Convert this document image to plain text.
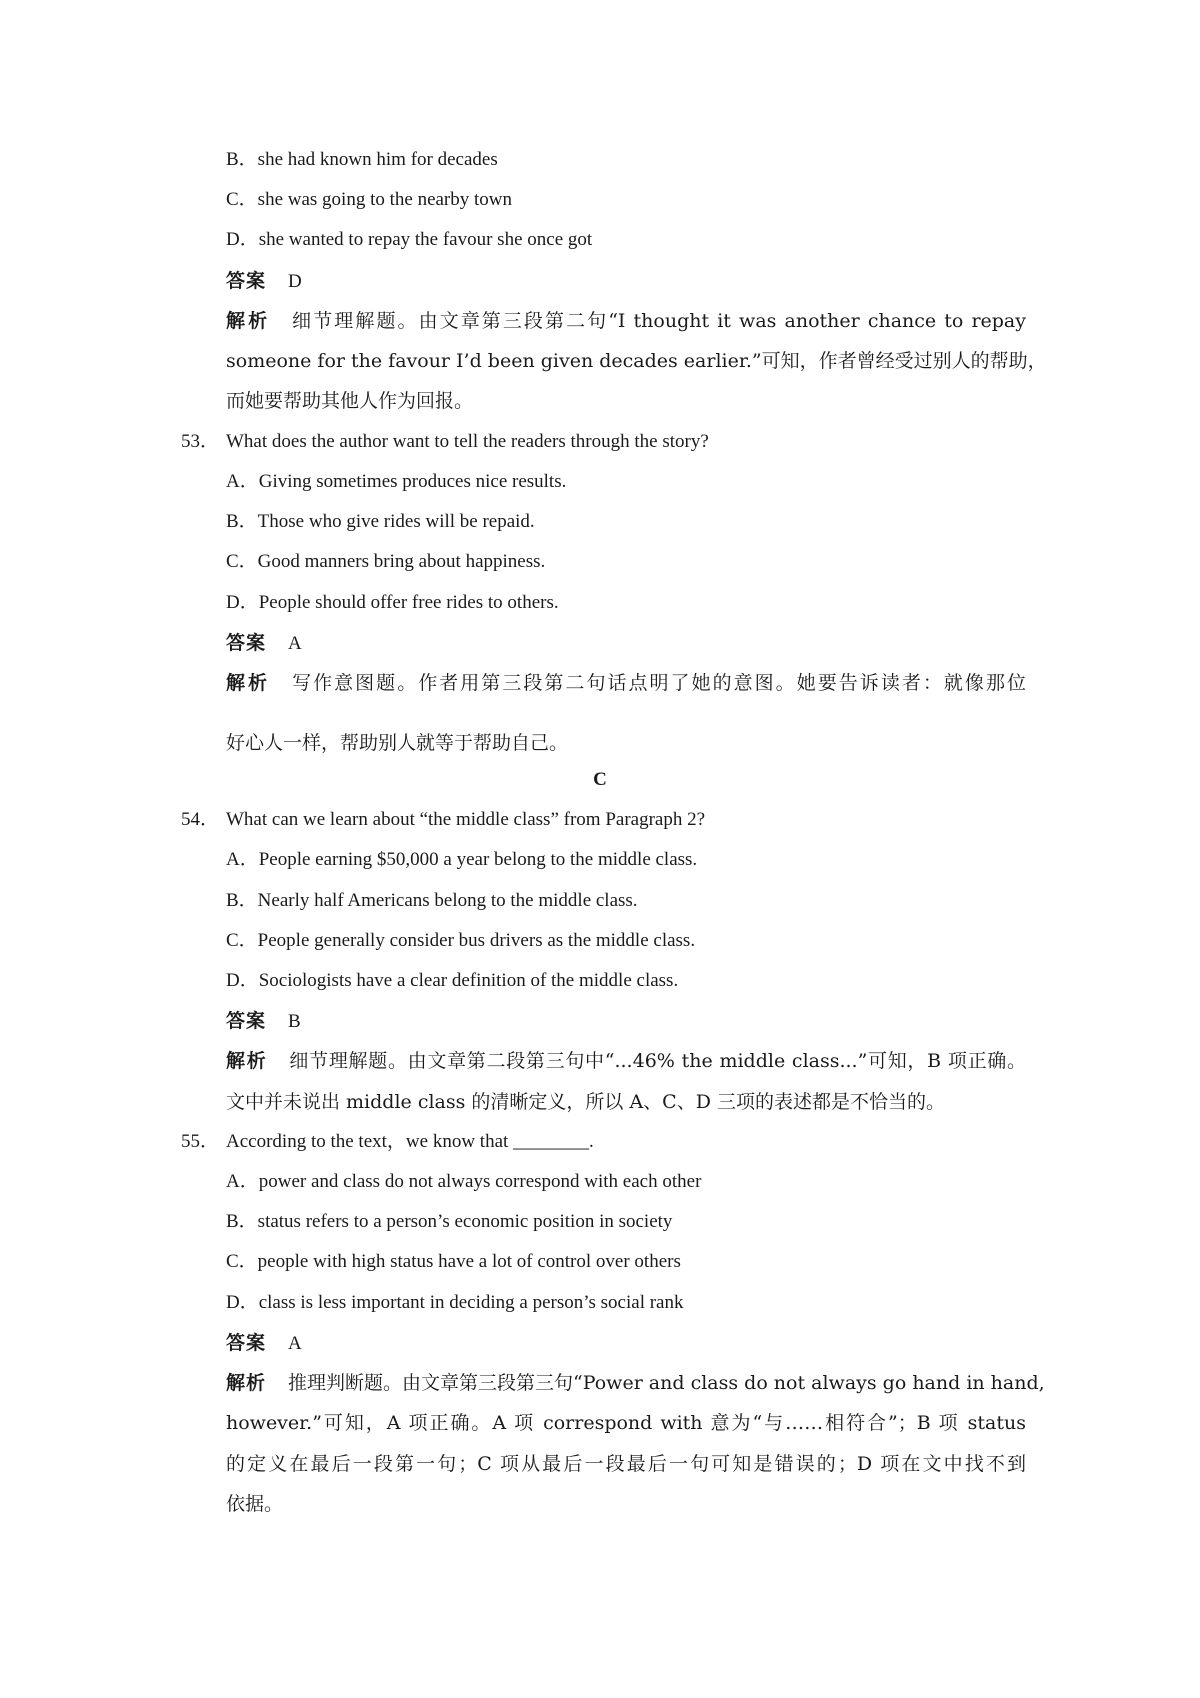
B．she had known him for decades
C．she was going to the nearby town
D．she wanted to repay the favour she once got
答案 D
解析 细节理解题。由文章第三段第二句“I thought it was another chance to repay
someone for the favour I’d been given decades earlier.”可知，作者曾经受过别人的帮助，
而她要帮助其他人作为回报。
53． What does the author want to tell the readers through the story?
A．Giving sometimes produces nice results.
B．Those who give rides will be repaid.
C．Good manners bring about happiness.
D．People should offer free rides to others.
答案 A
解析 写作意图题。作者用第三段第二句话点明了她的意图。她要告诉读者：就像那位
好心人一样，帮助别人就等于帮助自己。
C
54． What can we learn about “the middle class” from Paragraph 2?
A．People earning $50,000 a year belong to the middle class.
B．Nearly half Americans belong to the middle class.
C．People generally consider bus drivers as the middle class.
D．Sociologists have a clear definition of the middle class.
答案 B
解析 细节理解题。由文章第二段第三句中“...46% the middle class...”可知，B 项正确。
文中并未说出 middle class 的清晰定义，所以 A、C、D 三项的表述都是不恰当的。
55． According to the text，we know that ________.
A．power and class do not always correspond with each other
B．status refers to a person’s economic position in society
C．people with high status have a lot of control over others
D．class is less important in deciding a person’s social rank
答案 A
解析 推理判断题。由文章第三段第三句“Power and class do not always go hand in hand,
however.”可知，A 项正确。A 项 correspond with 意为“与……相符合”；B 项 status
的定义在最后一段第一句；C 项从最后一段最后一句可知是错误的；D 项在文中找不到
依据。
